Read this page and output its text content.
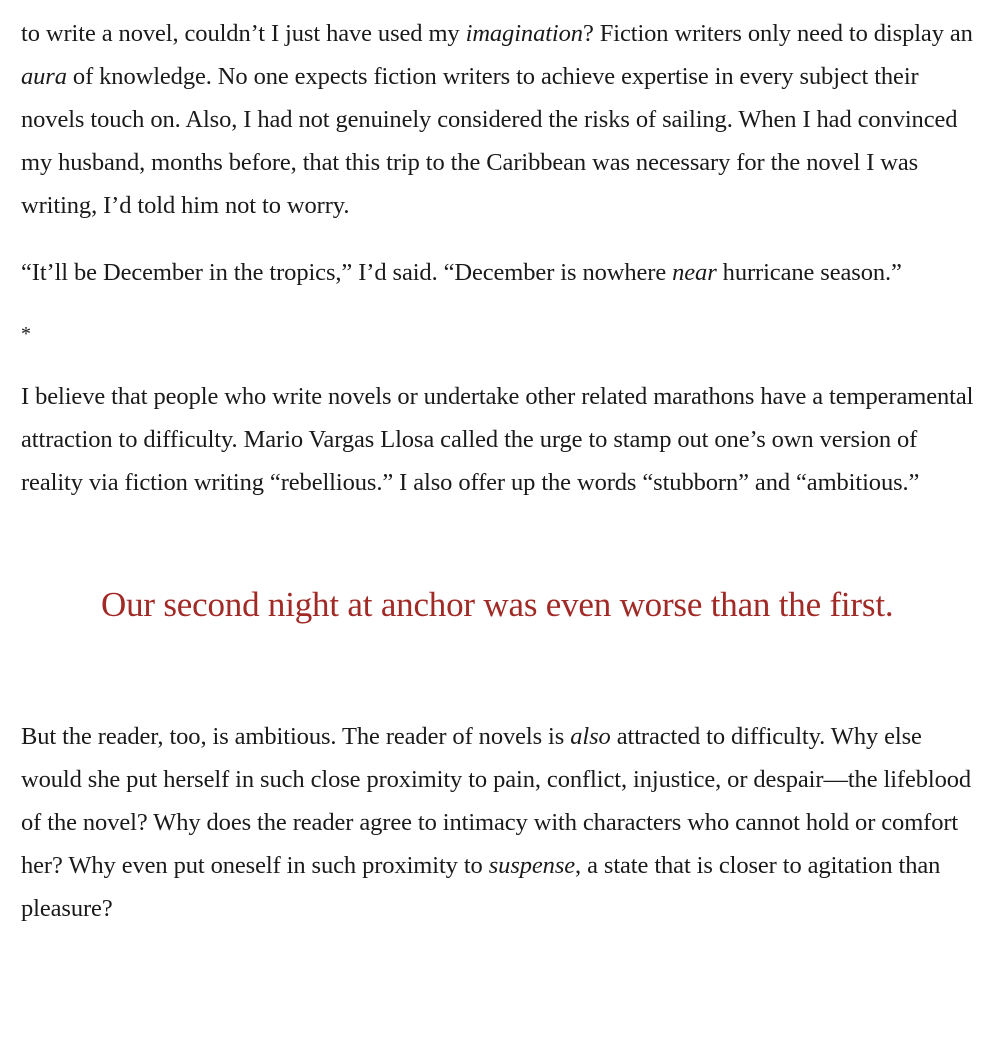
to write a novel, couldn’t I just have used my imagination? Fiction writers only need to display an aura of knowledge. No one expects fiction writers to achieve expertise in every subject their novels touch on. Also, I had not genuinely considered the risks of sailing. When I had convinced my husband, months before, that this trip to the Caribbean was necessary for the novel I was writing, I’d told him not to worry.

“It’ll be December in the tropics,” I’d said. “December is nowhere near hurricane season.”

*

I believe that people who write novels or undertake other related marathons have a temperamental attraction to difficulty. Mario Vargas Llosa called the urge to stamp out one’s own version of reality via fiction writing “rebellious.” I also offer up the words “stubborn” and “ambitious.”

Our second night at anchor was even worse than the first.

But the reader, too, is ambitious. The reader of novels is also attracted to difficulty. Why else would she put herself in such close proximity to pain, conflict, injustice, or despair—the lifeblood of the novel? Why does the reader agree to intimacy with characters who cannot hold or comfort her? Why even put oneself in such proximity to suspense, a state that is closer to agitation than pleasure?
